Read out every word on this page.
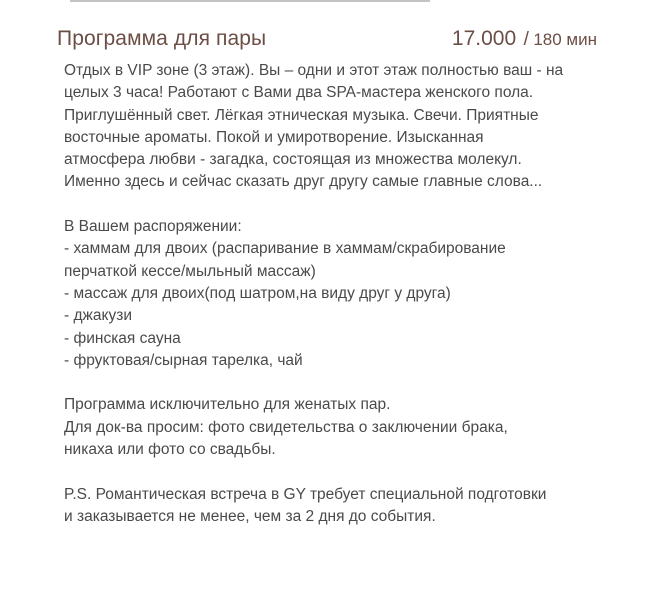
Программа для пары	17.000 / 180 мин
Отдых в VIP зоне (3 этаж). Вы – одни и этот этаж полностью ваш - на
целых 3 часа! Работают с Вами два SPA-мастера женского пола.
Приглушённый свет. Лёгкая этническая музыка. Свечи. Приятные
восточные ароматы. Покой и умиротворение. Изысканная
атмосфера любви - загадка, состоящая из множества молекул.
Именно здесь и сейчас сказать друг другу самые главные слова...
В Вашем распоряжении:
- хаммам для двоих (распаривание в хаммам/скрабирование
перчаткой кессе/мыльный массаж)
- массаж для двоих(под шатром,на виду друг у друга)
- джакузи
- финская сауна
- фруктовая/сырная тарелка, чай
Программа исключительно для женатых пар.
Для док-ва просим: фото свидетельства о заключении брака,
никаха или фото со свадьбы.
P.S. Романтическая встреча в GY требует специальной подготовки
и заказывается не менее, чем за 2 дня до события.
